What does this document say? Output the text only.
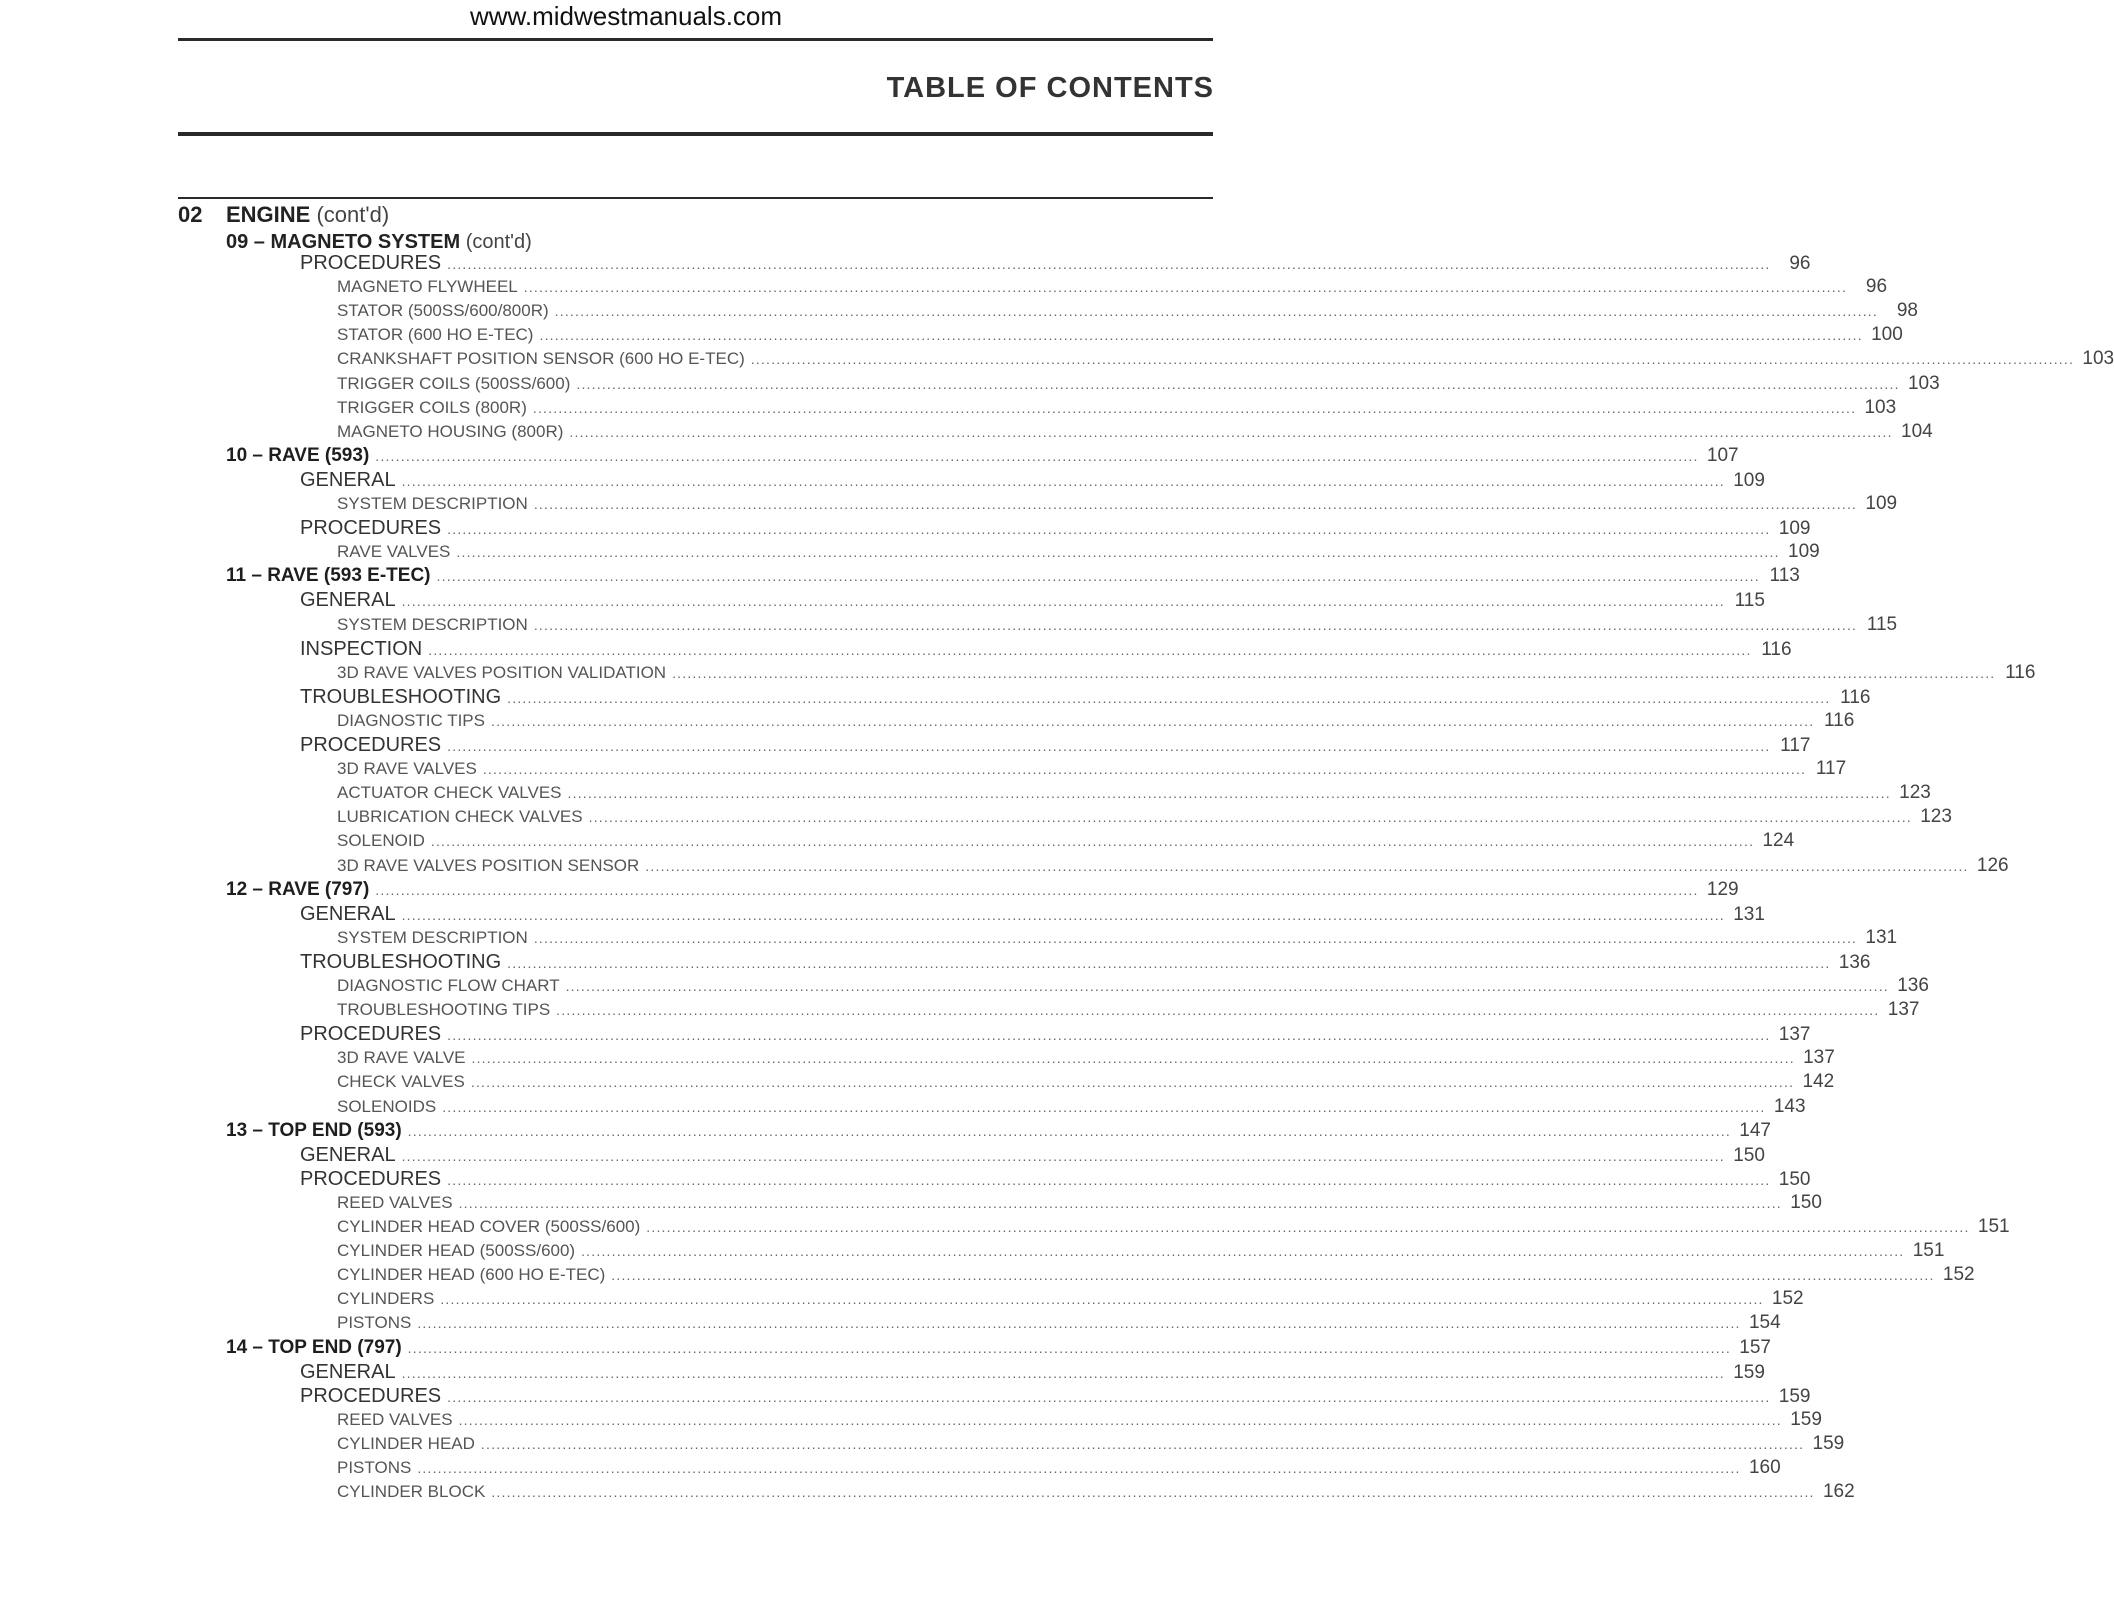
www.midwestmanuals.com
TABLE OF CONTENTS
02 ENGINE (cont'd)
09 – MAGNETO SYSTEM (cont'd)
PROCEDURES .................................................................................................................................................................................................................................................................... 96
MAGNETO FLYWHEEL .................................................................................................................................................................................................................................................................... 96
STATOR (500SS/600/800R) .................................................................................................................................................................................................................................................................... 98
STATOR (600 HO E-TEC) .................................................................................................................................................................................................................................................................... 100
CRANKSHAFT POSITION SENSOR (600 HO E-TEC) .................................................................................................................................................................................................................................................................... 103
TRIGGER COILS (500SS/600) .................................................................................................................................................................................................................................................................... 103
TRIGGER COILS (800R) .................................................................................................................................................................................................................................................................... 103
MAGNETO HOUSING (800R) .................................................................................................................................................................................................................................................................... 104
10 – RAVE (593) .................................................................................................................................................................................................................................................................... 107
GENERAL .................................................................................................................................................................................................................................................................... 109
SYSTEM DESCRIPTION .................................................................................................................................................................................................................................................................... 109
PROCEDURES .................................................................................................................................................................................................................................................................... 109
RAVE VALVES .................................................................................................................................................................................................................................................................... 109
11 – RAVE (593 E-TEC) .................................................................................................................................................................................................................................................................... 113
GENERAL .................................................................................................................................................................................................................................................................... 115
SYSTEM DESCRIPTION .................................................................................................................................................................................................................................................................... 115
INSPECTION .................................................................................................................................................................................................................................................................... 116
3D RAVE VALVES POSITION VALIDATION .................................................................................................................................................................................................................................................................... 116
TROUBLESHOOTING .................................................................................................................................................................................................................................................................... 116
DIAGNOSTIC TIPS .................................................................................................................................................................................................................................................................... 116
PROCEDURES .................................................................................................................................................................................................................................................................... 117
3D RAVE VALVES .................................................................................................................................................................................................................................................................... 117
ACTUATOR CHECK VALVES .................................................................................................................................................................................................................................................................... 123
LUBRICATION CHECK VALVES .................................................................................................................................................................................................................................................................... 123
SOLENOID .................................................................................................................................................................................................................................................................... 124
3D RAVE VALVES POSITION SENSOR .................................................................................................................................................................................................................................................................... 126
12 – RAVE (797) .................................................................................................................................................................................................................................................................... 129
GENERAL .................................................................................................................................................................................................................................................................... 131
SYSTEM DESCRIPTION .................................................................................................................................................................................................................................................................... 131
TROUBLESHOOTING .................................................................................................................................................................................................................................................................... 136
DIAGNOSTIC FLOW CHART .................................................................................................................................................................................................................................................................... 136
TROUBLESHOOTING TIPS .................................................................................................................................................................................................................................................................... 137
PROCEDURES .................................................................................................................................................................................................................................................................... 137
3D RAVE VALVE .................................................................................................................................................................................................................................................................... 137
CHECK VALVES .................................................................................................................................................................................................................................................................... 142
SOLENOIDS .................................................................................................................................................................................................................................................................... 143
13 – TOP END (593) .................................................................................................................................................................................................................................................................... 147
GENERAL .................................................................................................................................................................................................................................................................... 150
PROCEDURES .................................................................................................................................................................................................................................................................... 150
REED VALVES .................................................................................................................................................................................................................................................................... 150
CYLINDER HEAD COVER (500SS/600) .................................................................................................................................................................................................................................................................... 151
CYLINDER HEAD (500SS/600) .................................................................................................................................................................................................................................................................... 151
CYLINDER HEAD (600 HO E-TEC) .................................................................................................................................................................................................................................................................... 152
CYLINDERS .................................................................................................................................................................................................................................................................... 152
PISTONS .................................................................................................................................................................................................................................................................... 154
14 – TOP END (797) .................................................................................................................................................................................................................................................................... 157
GENERAL .................................................................................................................................................................................................................................................................... 159
PROCEDURES .................................................................................................................................................................................................................................................................... 159
REED VALVES .................................................................................................................................................................................................................................................................... 159
CYLINDER HEAD .................................................................................................................................................................................................................................................................... 159
PISTONS .................................................................................................................................................................................................................................................................... 160
CYLINDER BLOCK .................................................................................................................................................................................................................................................................... 162
